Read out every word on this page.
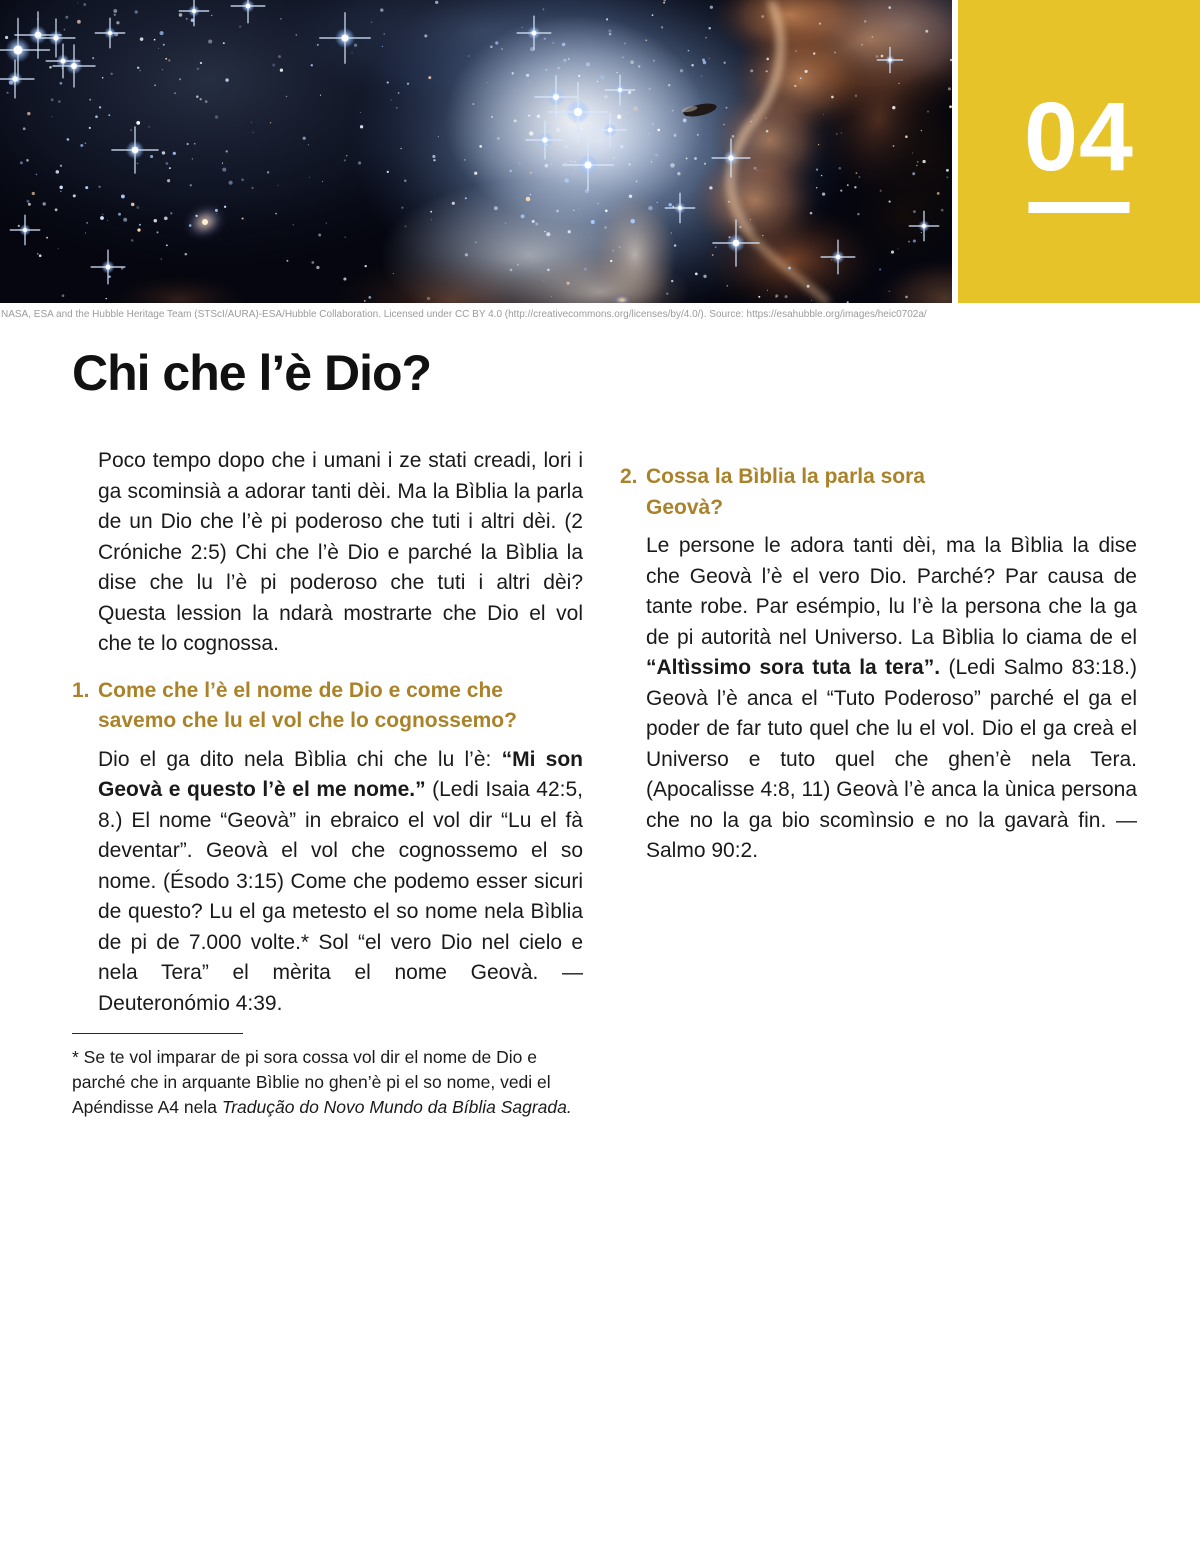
04
NASA, ESA and the Hubble Heritage Team (STScI/AURA)-ESA/Hubble Collaboration. Licensed under CC BY 4.0 (http://creativecommons.org/licenses/by/4.0/). Source: https://esahubble.org/images/heic0702a/
Chi che l’è Dio?

Poco tempo dopo che i umani i ze stati creadi, lori i ga scominsià a adorar tanti dèi. Ma la Bìblia la parla de un Dio che l’è pi poderoso che tuti i altri dèi. (2 Cróniche 2:5) Chi che l’è Dio e parché la Bìblia la dise che lu l’è pi poderoso che tuti i altri dèi? Questa lession la ndarà mostrarte che Dio el vol che te lo cognossa.

1. Come che l’è el nome de Dio e come che savemo che lu el vol che lo cognossemo?

Dio el ga dito nela Bìblia chi che lu l’è: “Mi son Geovà e questo l’è el me nome.” (Ledi Isaia 42:5, 8.) El nome “Geovà” in ebraico el vol dir “Lu el fà deventar”. Geovà el vol che cognossemo el so nome. (Ésodo 3:15) Come che podemo esser sicuri de questo? Lu el ga metesto el so nome nela Bìblia de pi de 7.000 volte.* Sol “el vero Dio nel cielo e nela Tera” el mèrita el nome Geovà. — Deuteronómio 4:39.

* Se te vol imparar de pi sora cossa vol dir el nome de Dio e parché che in arquante Bìblie no ghen’è pi el so nome, vedi el Apéndisse A4 nela Tradução do Novo Mundo da Bíblia Sagrada.

2. Cossa la Bìblia la parla sora Geovà?

Le persone le adora tanti dèi, ma la Bìblia la dise che Geovà l’è el vero Dio. Parché? Par causa de tante robe. Par esémpio, lu l’è la persona che la ga de pi autorità nel Universo. La Bìblia lo ciama de el “Altìssimo sora tuta la tera”. (Ledi Salmo 83:18.) Geovà l’è anca el “Tuto Poderoso” parché el ga el poder de far tuto quel che lu el vol. Dio el ga creà el Universo e tuto quel che ghen’è nela Tera. (Apocalisse 4:8, 11) Geovà l’è anca la ùnica persona che no la ga bio scomìnsio e no la gavarà fin. — Salmo 90:2.
